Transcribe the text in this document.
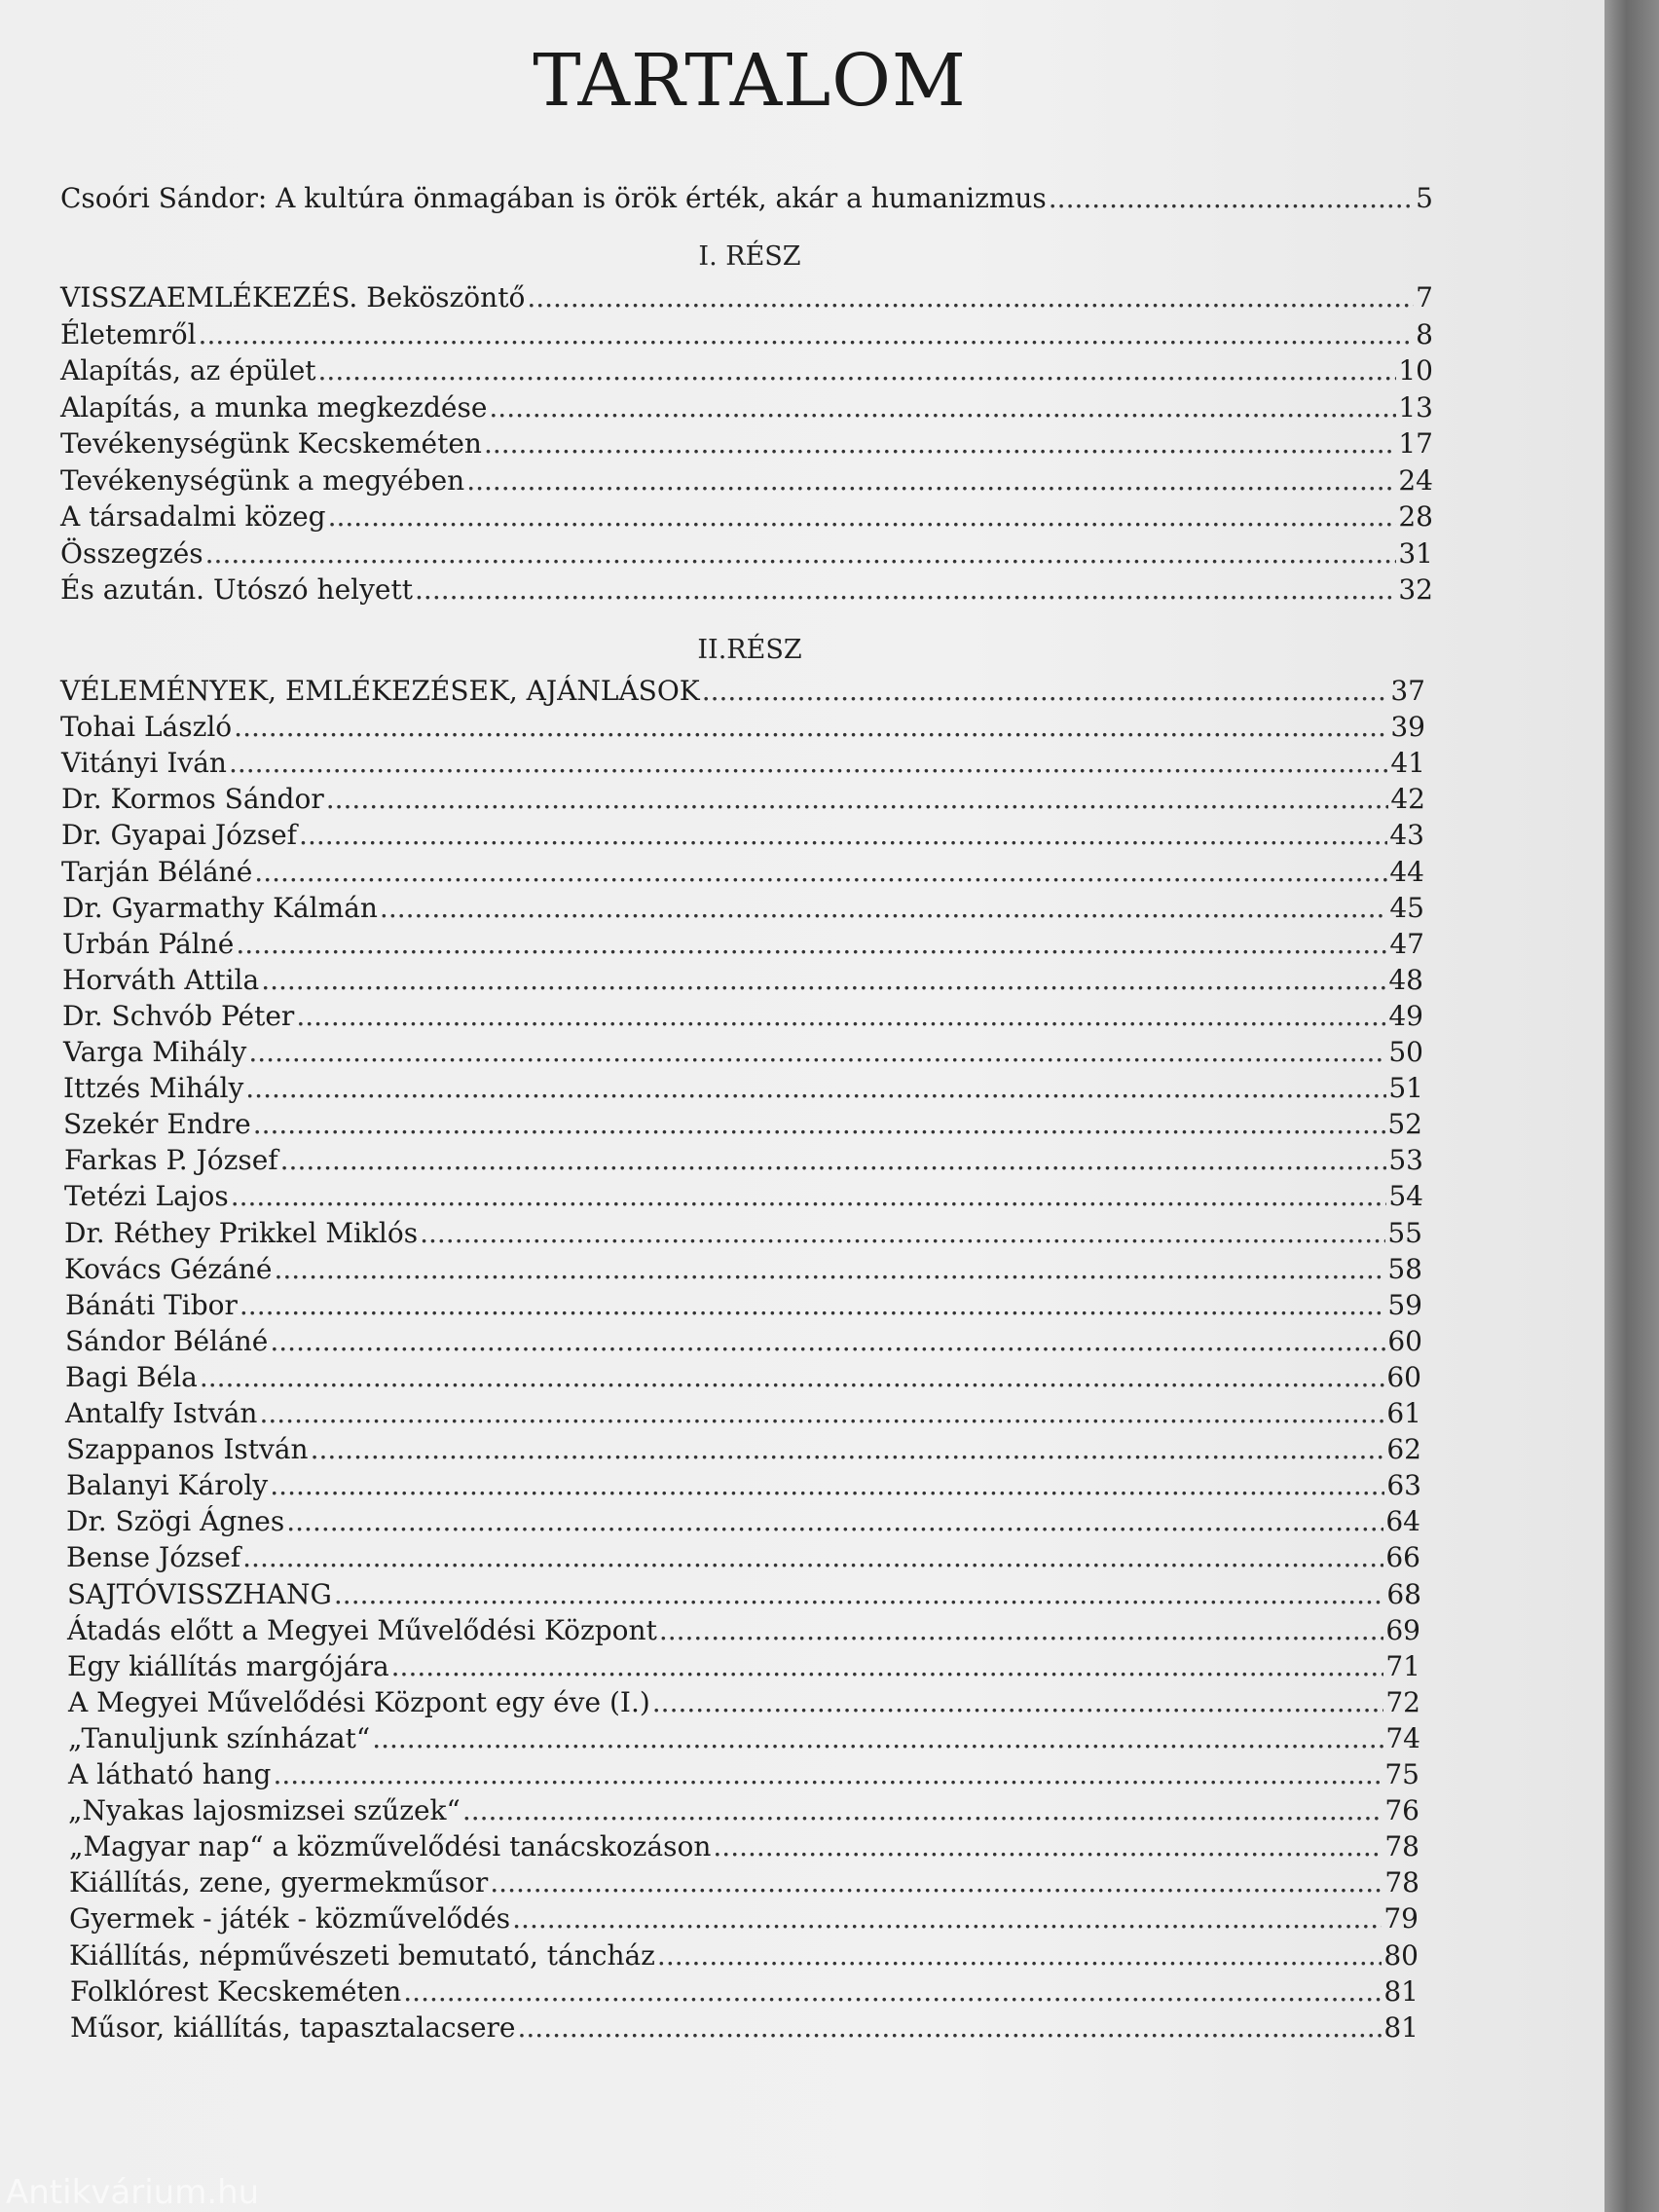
TARTALOM
Csoóri Sándor: A kultúra önmagában is örök érték, akár a humanizmus .....	5
I. RÉSZ
VISSZAEMLÉKEZÉS. Beköszöntő .....	7
Életemről .....	8
Alapítás, az épület .....	10
Alapítás, a munka megkezdése .....	13
Tevékenységünk Kecskeméten .....	17
Tevékenységünk a megyében .....	24
A társadalmi közeg .....	28
Összegzés .....	31
És azután. Utószó helyett .....	32
II.RÉSZ
VÉLEMÉNYEK, EMLÉKEZÉSEK, AJÁNLÁSOK .....	37
Tohai László .....	39
Vitányi Iván .....	41
Dr. Kormos Sándor .....	42
Dr. Gyapai József .....	43
Tarján Béláné .....	44
Dr. Gyarmathy Kálmán .....	45
Urbán Pálné .....	47
Horváth Attila .....	48
Dr. Schvób Péter .....	49
Varga Mihály .....	50
Ittzés Mihály .....	51
Szekér Endre .....	52
Farkas P. József .....	53
Tetézi Lajos .....	54
Dr. Réthey Prikkel Miklós .....	55
Kovács Gézáné .....	58
Bánáti Tibor .....	59
Sándor Béláné .....	60
Bagi Béla .....	60
Antalfy István .....	61
Szappanos István .....	62
Balanyi Károly .....	63
Dr. Szögi Ágnes .....	64
Bense József .....	66
SAJTÓVISSZHANG .....	68
Átadás előtt a Megyei Művelődési Központ .....	69
Egy kiállítás margójára .....	71
A Megyei Művelődési Központ egy éve (I.) .....	72
„Tanuljunk színházat“ .....	74
A látható hang .....	75
„Nyakas lajosmizsei szűzek“ .....	76
„Magyar nap“ a közművelődési tanácskozáson .....	78
Kiállítás, zene, gyermekműsor .....	78
Gyermek - játék - közművelődés .....	79
Kiállítás, népművészeti bemutató, táncház .....	80
Folklórest Kecskeméten .....	81
Műsor, kiállítás, tapasztalacsere .....	81
Antikvárium.hu
